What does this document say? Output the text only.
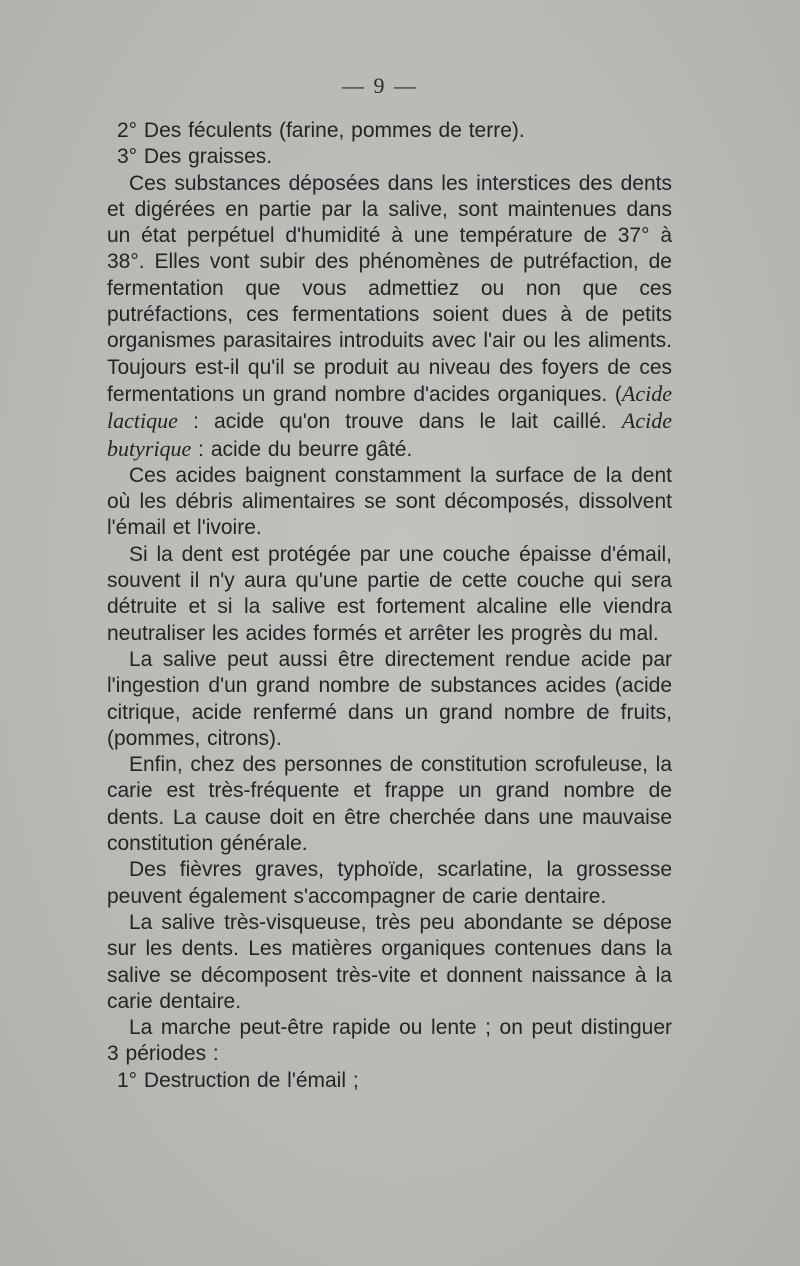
— 9 —

2° Des féculents (farine, pommes de terre).

3° Des graisses.

Ces substances déposées dans les interstices des dents et digérées en partie par la salive, sont maintenues dans un état perpétuel d'humidité à une température de 37° à 38°. Elles vont subir des phénomènes de putréfaction, de fermentation que vous admettiez ou non que ces putréfactions, ces fermentations soient dues à de petits organismes parasitaires introduits avec l'air ou les aliments. Toujours est-il qu'il se produit au niveau des foyers de ces fermentations un grand nombre d'acides organiques. (Acide lactique : acide qu'on trouve dans le lait caillé. Acide butyrique : acide du beurre gâté.

Ces acides baignent constamment la surface de la dent où les débris alimentaires se sont décomposés, dissolvent l'émail et l'ivoire.

Si la dent est protégée par une couche épaisse d'émail, souvent il n'y aura qu'une partie de cette couche qui sera détruite et si la salive est fortement alcaline elle viendra neutraliser les acides formés et arrêter les progrès du mal.

La salive peut aussi être directement rendue acide par l'ingestion d'un grand nombre de substances acides (acide citrique, acide renfermé dans un grand nombre de fruits, (pommes, citrons).

Enfin, chez des personnes de constitution scrofuleuse, la carie est très-fréquente et frappe un grand nombre de dents. La cause doit en être cherchée dans une mauvaise constitution générale.

Des fièvres graves, typhoïde, scarlatine, la grossesse peuvent également s'accompagner de carie dentaire.

La salive très-visqueuse, très peu abondante se dépose sur les dents. Les matières organiques contenues dans la salive se décomposent très-vite et donnent naissance à la carie dentaire.

La marche peut-être rapide ou lente ; on peut distinguer 3 périodes :

1° Destruction de l'émail ;
